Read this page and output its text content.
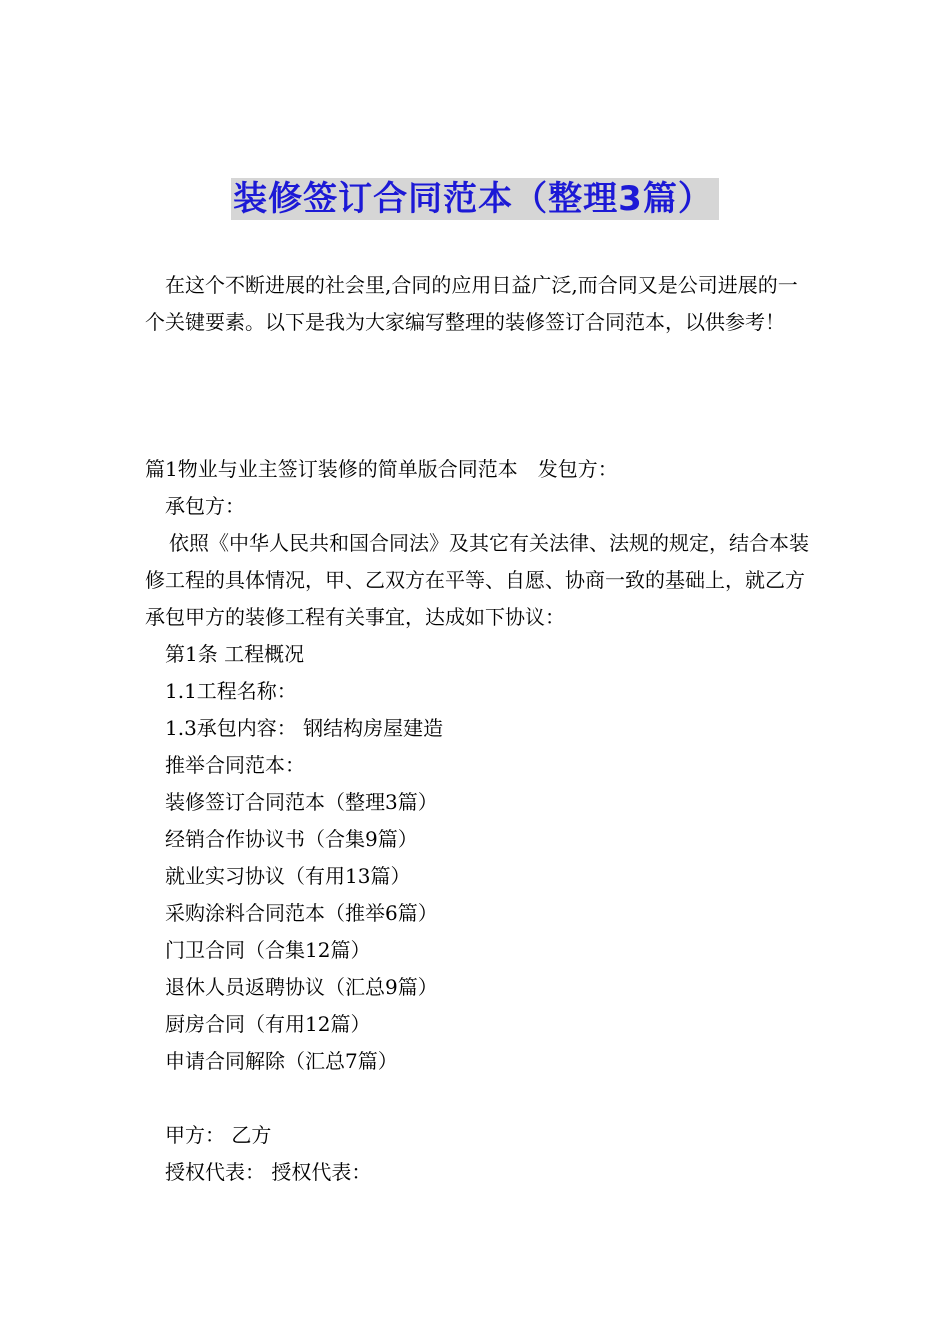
装修签订合同范本（整理3篇）

在这个不断进展的社会里,合同的应用日益广泛,而合同又是公司进展的一个关键要素。以下是我为大家编写整理的装修签订合同范本，以供参考！

篇1物业与业主签订装修的简单版合同范本　发包方：

承包方：

依照《中华人民共和国合同法》及其它有关法律、法规的规定，结合本装修工程的具体情况，甲、乙双方在平等、自愿、协商一致的基础上，就乙方承包甲方的装修工程有关事宜，达成如下协议：

第1条 工程概况

1.1工程名称：

1.3承包内容： 钢结构房屋建造

推举合同范本：

装修签订合同范本（整理3篇）

经销合作协议书（合集9篇）

就业实习协议（有用13篇）

采购涂料合同范本（推举6篇）

门卫合同（合集12篇）

退休人员返聘协议（汇总9篇）

厨房合同（有用12篇）

申请合同解除（汇总7篇）

甲方： 乙方

授权代表： 授权代表：
